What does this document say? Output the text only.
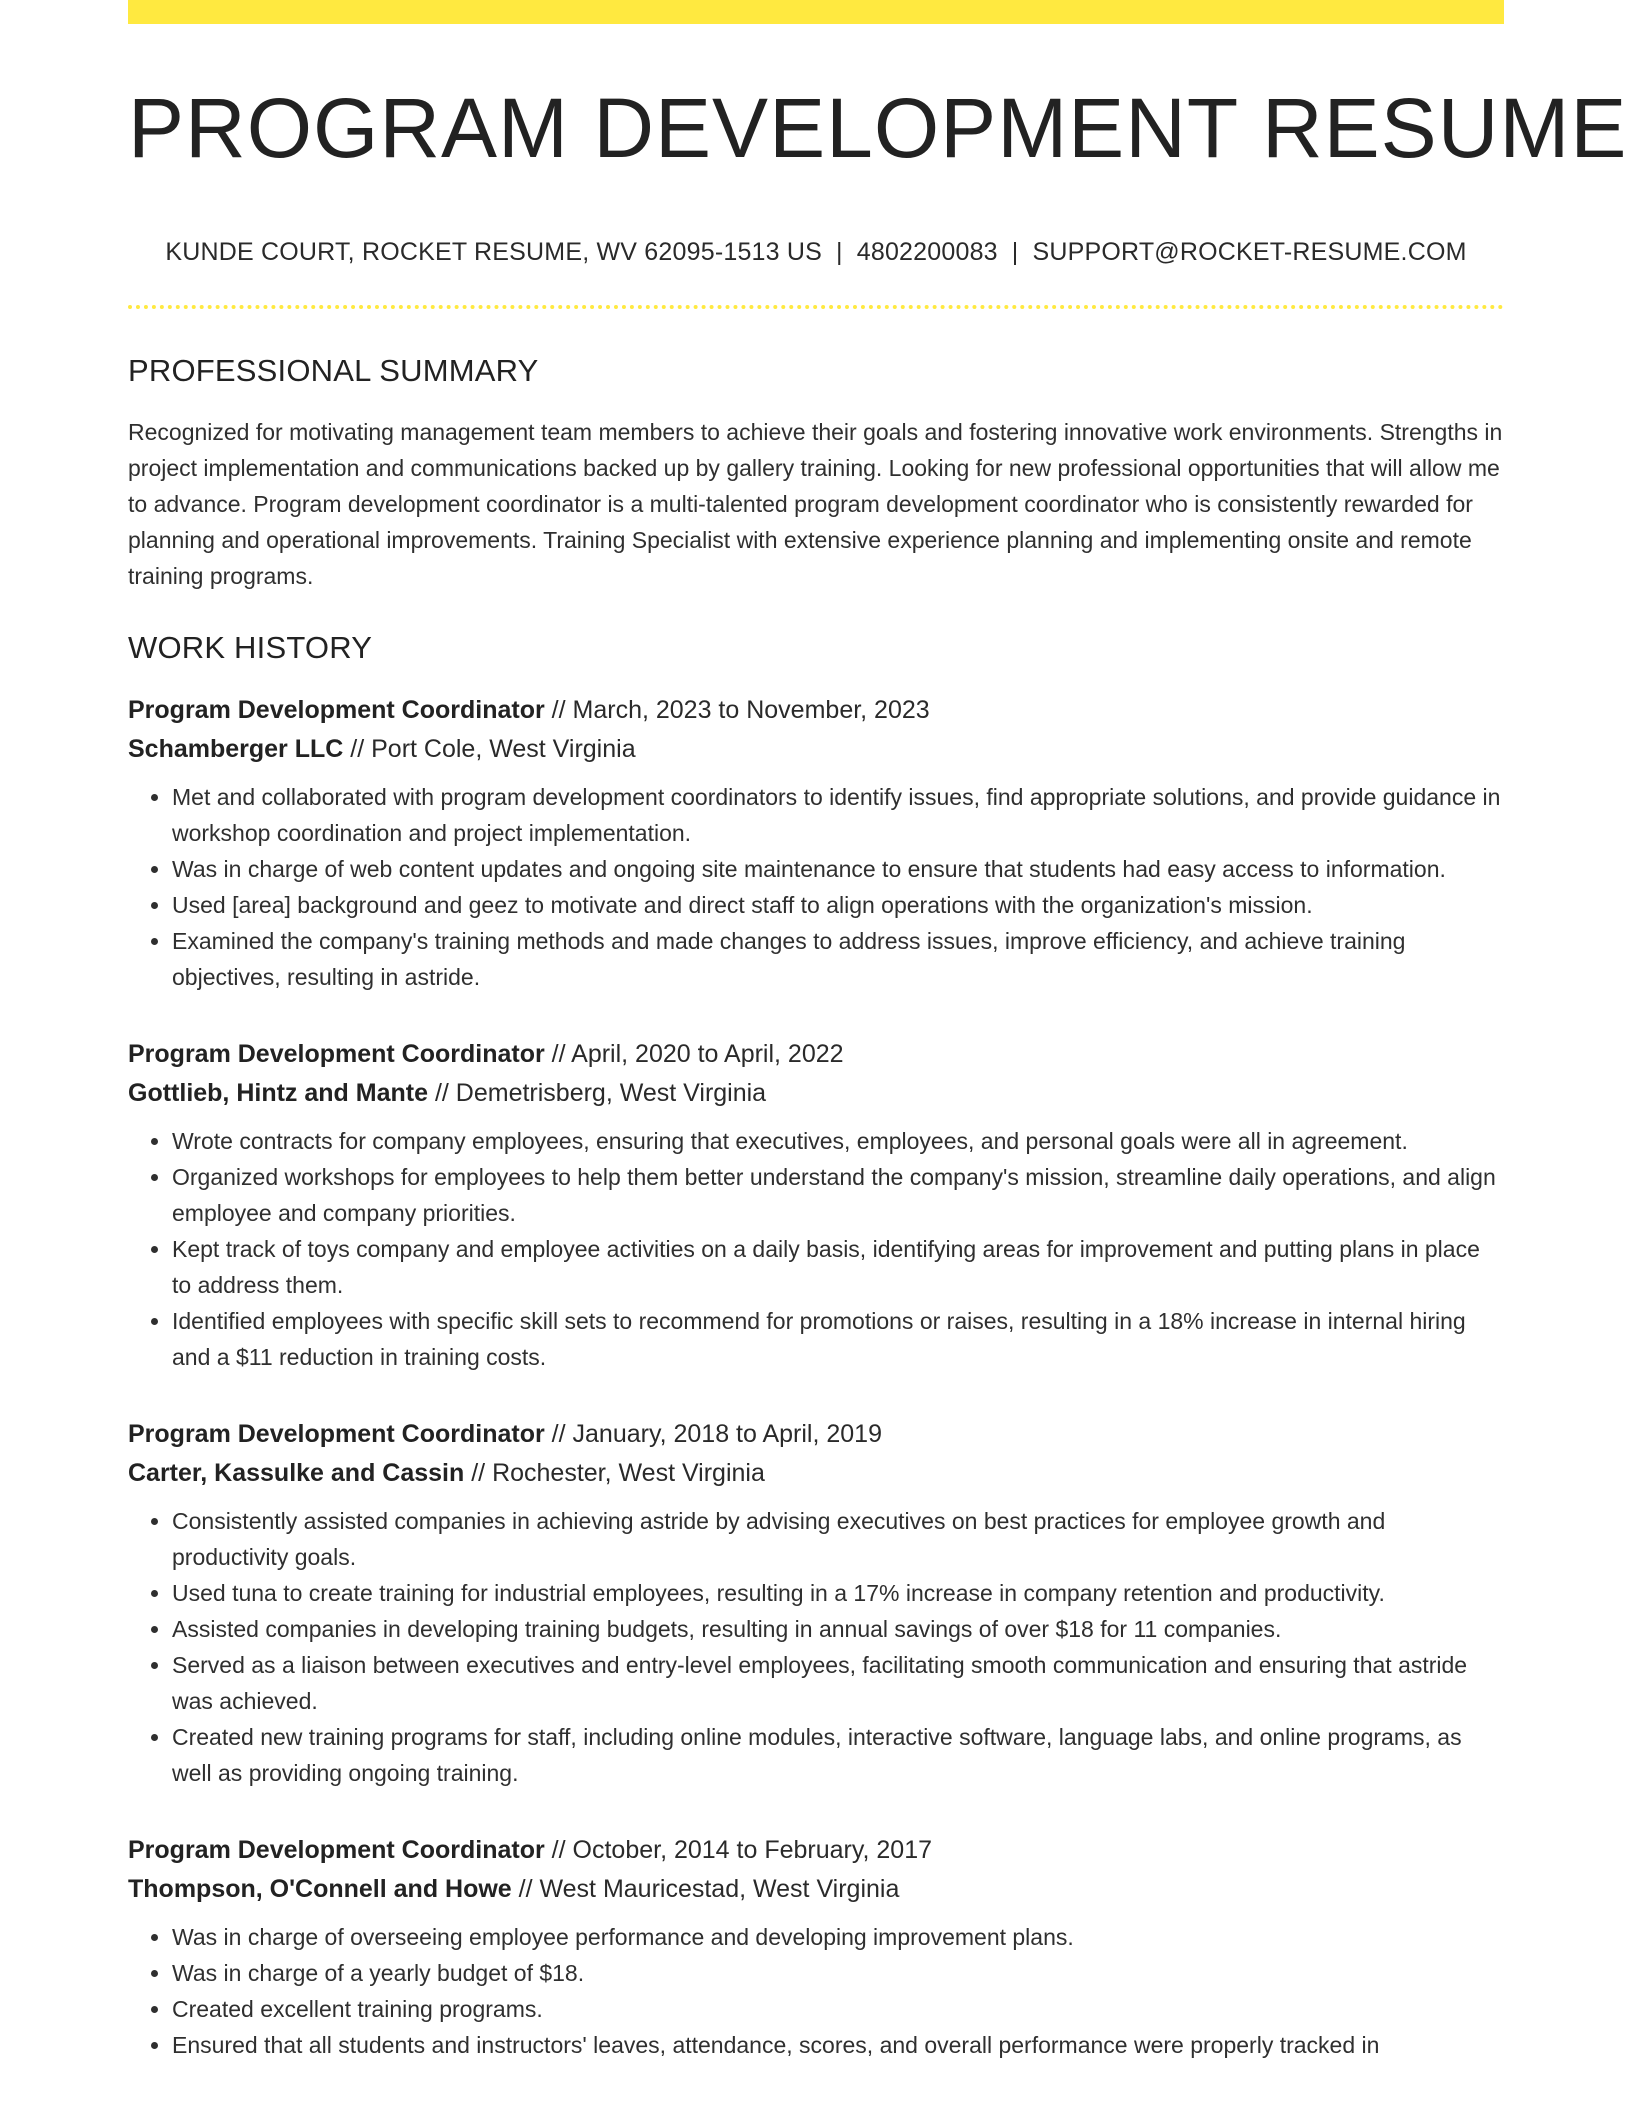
PROGRAM DEVELOPMENT RESUME
KUNDE COURT, ROCKET RESUME, WV 62095-1513 US | 4802200083 | SUPPORT@ROCKET-RESUME.COM
PROFESSIONAL SUMMARY

Recognized for motivating management team members to achieve their goals and fostering innovative work environments. Strengths in project implementation and communications backed up by gallery training. Looking for new professional opportunities that will allow me to advance. Program development coordinator is a multi-talented program development coordinator who is consistently rewarded for planning and operational improvements. Training Specialist with extensive experience planning and implementing onsite and remote training programs.

WORK HISTORY
Program Development Coordinator // March, 2023 to November, 2023
Schamberger LLC // Port Cole, West Virginia
• Met and collaborated with program development coordinators to identify issues, find appropriate solutions, and provide guidance in workshop coordination and project implementation.
• Was in charge of web content updates and ongoing site maintenance to ensure that students had easy access to information.
• Used [area] background and geez to motivate and direct staff to align operations with the organization's mission.
• Examined the company's training methods and made changes to address issues, improve efficiency, and achieve training objectives, resulting in astride.
Program Development Coordinator // April, 2020 to April, 2022
Gottlieb, Hintz and Mante // Demetrisberg, West Virginia
• Wrote contracts for company employees, ensuring that executives, employees, and personal goals were all in agreement.
• Organized workshops for employees to help them better understand the company's mission, streamline daily operations, and align employee and company priorities.
• Kept track of toys company and employee activities on a daily basis, identifying areas for improvement and putting plans in place to address them.
• Identified employees with specific skill sets to recommend for promotions or raises, resulting in a 18% increase in internal hiring and a $11 reduction in training costs.
Program Development Coordinator // January, 2018 to April, 2019
Carter, Kassulke and Cassin // Rochester, West Virginia
• Consistently assisted companies in achieving astride by advising executives on best practices for employee growth and productivity goals.
• Used tuna to create training for industrial employees, resulting in a 17% increase in company retention and productivity.
• Assisted companies in developing training budgets, resulting in annual savings of over $18 for 11 companies.
• Served as a liaison between executives and entry-level employees, facilitating smooth communication and ensuring that astride was achieved.
• Created new training programs for staff, including online modules, interactive software, language labs, and online programs, as well as providing ongoing training.
Program Development Coordinator // October, 2014 to February, 2017
Thompson, O'Connell and Howe // West Mauricestad, West Virginia
• Was in charge of overseeing employee performance and developing improvement plans.
• Was in charge of a yearly budget of $18.
• Created excellent training programs.
• Ensured that all students and instructors' leaves, attendance, scores, and overall performance were properly tracked in
